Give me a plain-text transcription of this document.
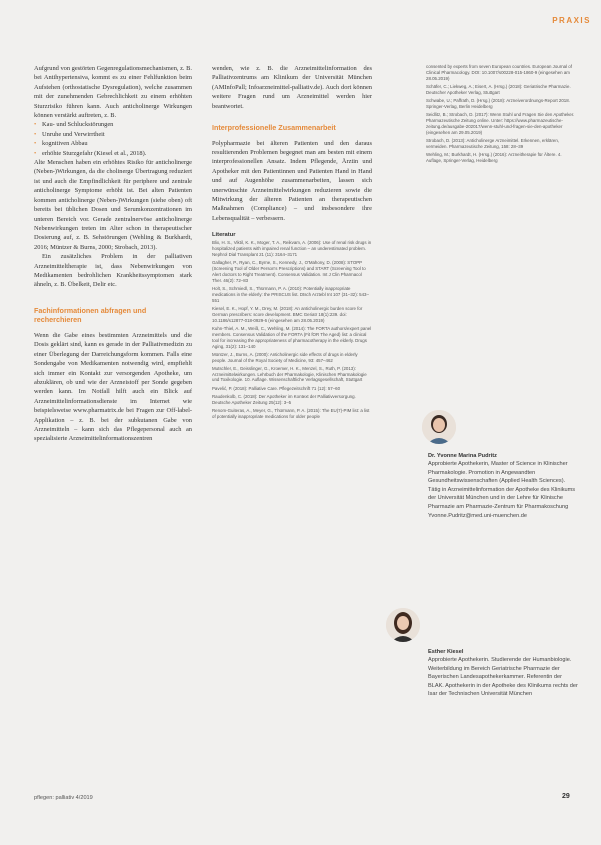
PRAXIS

Aufgrund von gestörten Gegenregulationsmechanismen, z. B. bei Antihypertensiva, kommt es zu einer Fehlfunktion beim Aufstehen (orthostatische Dysregulation), welche zusammen mit der zunehmenden Gebrechlichkeit zu einem erhöhten Sturzrisiko führen kann. Auch anticholinerge Wirkungen können verstärkt auftreten, z. B.

• Kau- und Schluckstörungen
• Unruhe und Verwirrtheit
• kognitiven Abbau
• erhöhte Sturzgefahr (Kiesel et al., 2018).

Alte Menschen haben ein erhöhtes Risiko für anticholinerge (Neben-)Wirkungen, da die cholinerge Übertragung reduziert ist und auch die Empfindlichkeit für periphere und zentrale anticholinerge Symptome erhöht ist. Bei alten Patienten kommen anticholinerge (Neben-)Wirkungen (siehe oben) oft bereits bei üblichen Dosen und Serumkonzentrationen im unteren Bereich vor. Gerade zentralnervöse anticholinerge Nebenwirkungen treten im Alter schon in therapeutischer Dosierung auf, z. B. Sehstörungen (Wehling & Burkhardt, 2016; Müntzer & Burns, 2000; Strobach, 2013).

Ein zusätzliches Problem in der palliativen Arzneimitteltherapie ist, dass Nebenwirkungen von Medikamenten bedrohlichen Krankheitssymptomen stark ähneln, z. B. Übelkeit, Delir etc.

Fachinformationen abfragen und recherchieren

Wenn die Gabe eines bestimmten Arzneimittels und die Dosis geklärt sind, kann es gerade in der Palliativmedizin zu einer Überlegung der Darreichungsform kommen. Falls eine Sondengabe von Medikamenten notwendig wird, empfiehlt sich immer ein Kontakt zur versorgenden Apotheke, um abzuklären, ob und wie der Arzneistoff per Sonde gegeben werden kann. Im Notfall hilft auch ein Blick auf Arzneimittelinformationsdienste im Internet wie beispielsweise www.pharmatrix.de bei Fragen zur Off-label-Applikation – z. B. bei der subkutanen Gabe von Arzneimitteln – kann sich das Pflegepersonal auch an spezialisierte Arzneimittelinformationszentren

wenden, wie z. B. die Arzneimittelinformation des Palliativzentrums am Klinikum der Universität München (AMInfoPall; Infoarzneimittel-palliativ.de). Auch dort können weitere Fragen rund um Arzneimittel werden hier beantwortet.

Interprofessionelle Zusammenarbeit

Polypharmazie bei älteren Patienten und den daraus resultierenden Problemen begegnet man am besten mit einem interprofessionellen Ansatz. Indem Pflegende, Ärztin und Apotheker mit den Patientinnen und Patienten Hand in Hand und auf Augenhöhe zusammenarbeiten, lassen sich unerwünschte Arzneimittelwirkungen reduzieren sowie die Mitwirkung der älteren Patienten an therapeutischen Maßnahmen (Compliance) – und insbesondere ihre Lebensqualität – verbessern.

Literatur

Blix, H. S., Viktil, K. K., Moger, T. A., Reikvam, A. (2006): Use of renal risk drugs in hospitalized patients with impaired renal function – an underestimated problem. Nephrol Dial Transplant 21 (11): 3164–3171

Gallagher, P., Ryan, C., Byrne, S., Kennedy, J., O'Mahony, D. (2008): STOPP (Screening Tool of Older Person's Prescriptions) and START (Screening Tool to Alert doctors to Right Treatment). Consensus Validation. Int J Clin Pharmacol Ther. 46(2): 72–83

Holt, S., Schmiedl, S., Thürmann, P. A. (2010): Potentially inappropriate medications in the elderly: the PRISCUS list. Dtsch Arztebl Int 107 (31–32): 543–551

Kiesel, E. K., Hopf, Y. M., Drey, M. (2018): An anticholinergic burden score for German prescribers: score development. BMC Geriatr 18(1):239. doi: 10.1186/s12877-018-0929-6 (eingesehen am 28.05.2019)

Kuhn-Thiel, A. M., Weiß, C., Wehling, M. (2014): The FORTA authors/expert panel members. Consensus Validation of the FORTA (Fit fOR The Aged) list: a clinical tool for increasing the appropriateness of pharmacotherapy in the elderly. Drugs Aging, 31(2): 131–140

Müntzer, J., Burns, A. (2000): Anticholinergic side effects of drugs in elderly people. Journal of the Royal Society of Medicine, 93: 457–462

Mutschler, E., Geisslinger, G., Kroemer, H. K., Menzel, S., Ruth, P. (2013): Arzneimittelwirkungen. Lehrbuch der Pharmakologie, Klinischen Pharmakologie und Toxikologie. 10. Auflage. Wissenschaftliche Verlagsgesellschaft, Stuttgart

Pavelić, P. (2018): Palliative Care. Pflegezeitschrift 71 (12): 57–60

Raudenkolb, C. (2018): Der Apotheker im Kontext der Palliativversorgung. Deutsche Apotheker Zeitung 25(12): 3–5

Renom-Guiteras, A., Meyer, G., Thürmann, P. A. (2015): The EU(7)-PIM list: a list of potentially inappropriate medications for older people

consented by experts from seven European countries. European Journal of Clinical Pharmacology. DOI: 10.1007/s00228-015-1860-9 (eingesehen am 28.05.2019)

Schäfer, C.; Liekweg, A.; Eisert, A. (Hrsg.) (2018): Geriatrische Pharmazie. Deutscher Apotheker Verlag, Stuttgart

Schwabe, U.; Paffrath, D. (Hrsg.) (2018): Arzneiverordnungs-Report 2018. Springer-Verlag, Berlin Heidelberg

Seidlitz, B.; Strobach, D. (2017): Wenn Stuhl und Fragen Sie den Apotheker. Pharmazeutische Zeitung online. Unter: https://www.pharmazeutische-zeitung.de/ausgabe-202017/wenn-stuhl-und-fragen-sie-den-apotheker (eingesehen am 29.05.2019)

Strobach, D. (2013): Anticholinerge Arzneimittel. Erkennen, erklären, vermeiden. Pharmazeutische Zeitung, 158: 28–39

Wehling, M.; Burkhardt, H. (Hrsg.) (2016): Arzneitherapie für Ältere. 4. Auflage, Springer-Verlag, Heidelberg

Dr. Yvonne Marina Pudritz

Approbierte Apothekerin, Master of Science in Klinischer Pharmakologie. Promotion in Angewandten Gesundheitswissenschaften (Applied Health Sciences). Tätig in Arzneimittelinformation der Apotheke des Klinikums der Universität München und in der Lehre für Klinische Pharmazie am Pharmazie-Zentrum für Pharmakoschung

Yvonne.Pudritz@med.uni-muenchen.de

Esther Kiesel

Approbierte Apothekerin. Studierende der Humanbiologie. Weiterbildung im Bereich Geriatrische Pharmazie der Bayerischen Landesapothekerkammer. Referentin der BLAK. Apothekerin in der Apotheke des Klinikums rechts der Isar der Technischen Universität München

pflegen: palliativ 4/2019	29
